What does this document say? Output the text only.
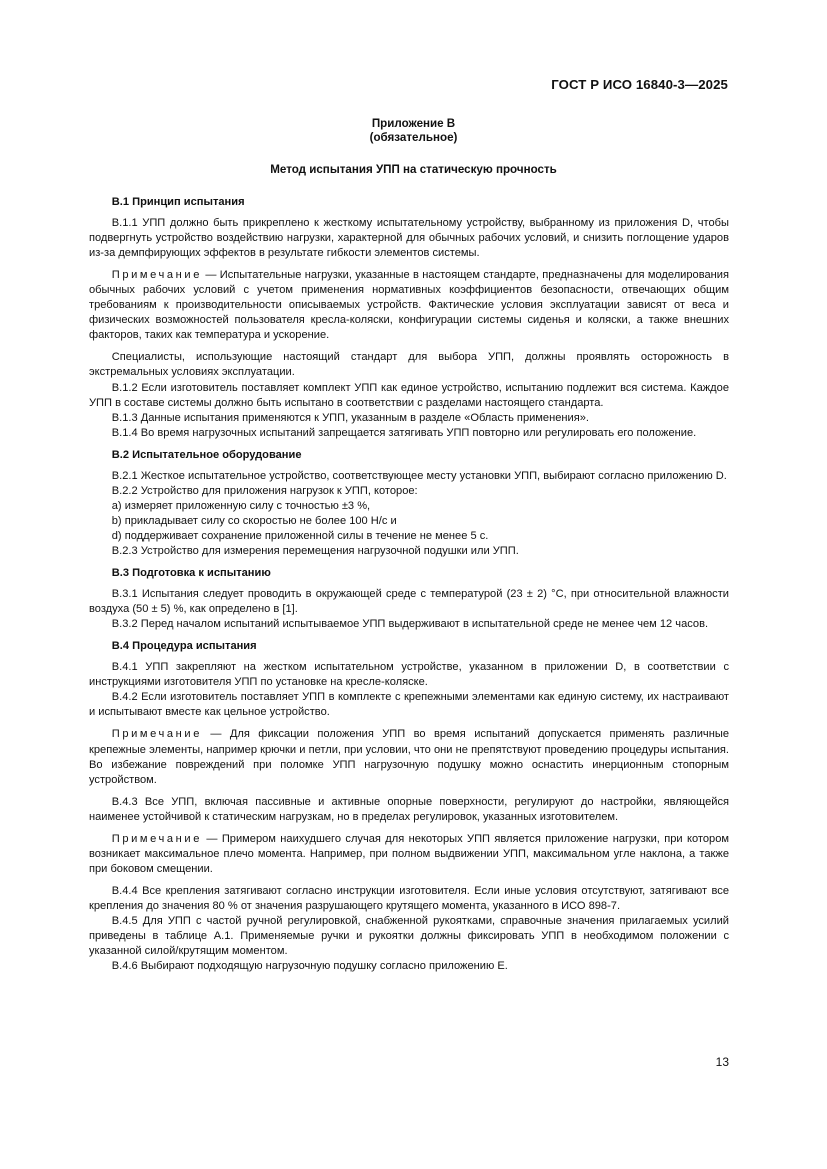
ГОСТ Р ИСО 16840-3—2025
Приложение В
(обязательное)
Метод испытания УПП на статическую прочность
В.1 Принцип испытания

В.1.1 УПП должно быть прикреплено к жесткому испытательному устройству, выбранному из приложения D, чтобы подвергнуть устройство воздействию нагрузки, характерной для обычных рабочих условий, и снизить поглощение ударов из-за демпфирующих эффектов в результате гибкости элементов системы.

Примечание — Испытательные нагрузки, указанные в настоящем стандарте, предназначены для моделирования обычных рабочих условий с учетом применения нормативных коэффициентов безопасности, отвечающих общим требованиям к производительности описываемых устройств. Фактические условия эксплуатации зависят от веса и физических возможностей пользователя кресла-коляски, конфигурации системы сиденья и коляски, а также внешних факторов, таких как температура и ускорение.

Специалисты, использующие настоящий стандарт для выбора УПП, должны проявлять осторожность в экстремальных условиях эксплуатации.

В.1.2 Если изготовитель поставляет комплект УПП как единое устройство, испытанию подлежит вся система. Каждое УПП в составе системы должно быть испытано в соответствии с разделами настоящего стандарта.

В.1.3 Данные испытания применяются к УПП, указанным в разделе «Область применения».

В.1.4 Во время нагрузочных испытаний запрещается затягивать УПП повторно или регулировать его положение.

В.2 Испытательное оборудование

В.2.1 Жесткое испытательное устройство, соответствующее месту установки УПП, выбирают согласно приложению D.

В.2.2 Устройство для приложения нагрузок к УПП, которое:

a) измеряет приложенную силу с точностью ±3 %,

b) прикладывает силу со скоростью не более 100 Н/с и

d) поддерживает сохранение приложенной силы в течение не менее 5 с.

В.2.3 Устройство для измерения перемещения нагрузочной подушки или УПП.

В.3 Подготовка к испытанию

В.3.1 Испытания следует проводить в окружающей среде с температурой (23 ± 2) °С, при относительной влажности воздуха (50 ± 5) %, как определено в [1].

В.3.2 Перед началом испытаний испытываемое УПП выдерживают в испытательной среде не менее чем 12 часов.

В.4 Процедура испытания

В.4.1 УПП закрепляют на жестком испытательном устройстве, указанном в приложении D, в соответствии с инструкциями изготовителя УПП по установке на кресле-коляске.

В.4.2 Если изготовитель поставляет УПП в комплекте с крепежными элементами как единую систему, их настраивают и испытывают вместе как цельное устройство.

Примечание — Для фиксации положения УПП во время испытаний допускается применять различные крепежные элементы, например крючки и петли, при условии, что они не препятствуют проведению процедуры испытания. Во избежание повреждений при поломке УПП нагрузочную подушку можно оснастить инерционным стопорным устройством.

В.4.3 Все УПП, включая пассивные и активные опорные поверхности, регулируют до настройки, являющейся наименее устойчивой к статическим нагрузкам, но в пределах регулировок, указанных изготовителем.

Примечание — Примером наихудшего случая для некоторых УПП является приложение нагрузки, при котором возникает максимальное плечо момента. Например, при полном выдвижении УПП, максимальном угле наклона, а также при боковом смещении.

В.4.4 Все крепления затягивают согласно инструкции изготовителя. Если иные условия отсутствуют, затягивают все крепления до значения 80 % от значения разрушающего крутящего момента, указанного в ИСО 898-7.

В.4.5 Для УПП с частой ручной регулировкой, снабженной рукоятками, справочные значения прилагаемых усилий приведены в таблице А.1. Применяемые ручки и рукоятки должны фиксировать УПП в необходимом положении с указанной силой/крутящим моментом.

В.4.6 Выбирают подходящую нагрузочную подушку согласно приложению Е.

13
